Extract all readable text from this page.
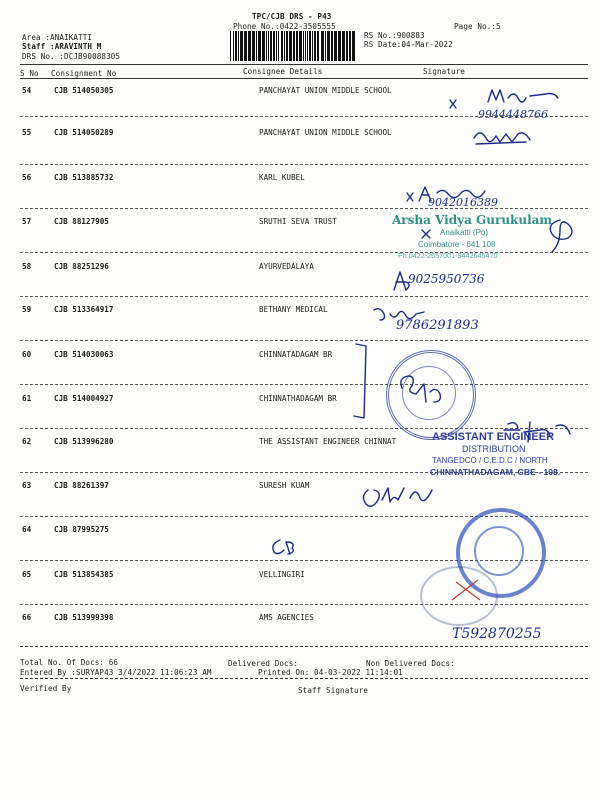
TPC/CJB DRS - P43
Phone No.:0422-3505555
Area :ANAIKATTI
Staff :ARAVINTH M
DRS No. :DCJB90088305
RS No.:900883
RS Date:04-Mar-2022
Page No.:5
S No Consignment No	Consignee Details	Signature
54	CJB 514050305	PANCHAYAT UNION MIDDLE SCHOOL
55	CJB 514050289	PANCHAYAT UNION MIDDLE SCHOOL
56	CJB 513885732	KARL KUBEL
57	CJB 88127905	SRUTHI SEVA TRUST
58	CJB 88251296	AYURVEDALAYA
59	CJB 513364917	BETHANY MEDICAL
60	CJB 514030063	CHINNATADAGAM BR
61	CJB 514004927	CHINNATHADAGAM BR
62	CJB 513996280	THE ASSISTANT ENGINEER CHINNAT
63	CJB 88261397	SURESH KUAM
64	CJB 87995275
65	CJB 513854385	VELLINGIRI
66	CJB 513999398	AMS AGENCIES
9944448766
9042016389
Arsha Vidya Gurukulam
Anaikatti (Po)
Coimbatore - 641 108
Ph:0422-2657001-9442646470
9025950736
9786291893
ASSISTANT ENGINEER
DISTRIBUTION
TANGEDCO / C.E.D.C / NORTH
CHINNATHADAGAM, CBE - 108.
T592870255
Total No. Of Docs: 66	Delivered Docs:	Non Delivered Docs:
Entered By :SURYAP43 3/4/2022 11:06:23 AM	Printed On: 04-03-2022 11:14:01
Verified By	Staff Signature
